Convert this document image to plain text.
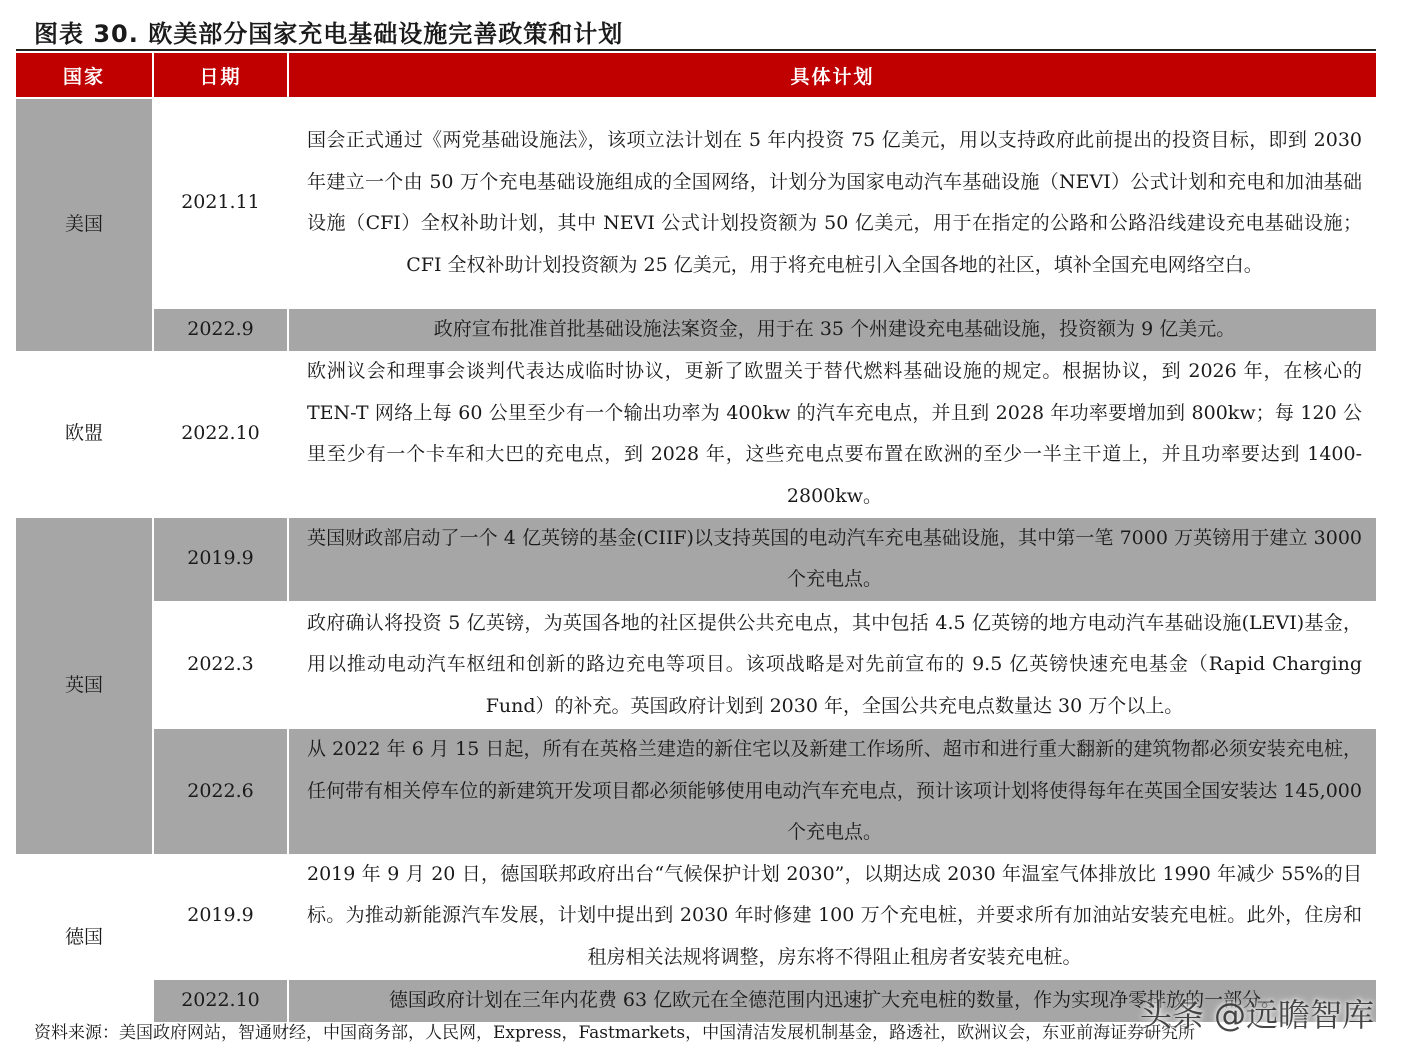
图表 30. 欧美部分国家充电基础设施完善政策和计划
国家	日期	具体计划
美国	2021.11	国会正式通过《两党基础设施法》，该项立法计划在 5 年内投资 75 亿美元，用以支持政府此前提出的投资目标，即到 2030 年建立一个由 50 万个充电基础设施组成的全国网络，计划分为国家电动汽车基础设施（NEVI）公式计划和充电和加油基础设施（CFI）全权补助计划，其中 NEVI 公式计划投资额为 50 亿美元，用于在指定的公路和公路沿线建设充电基础设施；CFI 全权补助计划投资额为 25 亿美元，用于将充电桩引入全国各地的社区，填补全国充电网络空白。
	2022.9	政府宣布批准首批基础设施法案资金，用于在 35 个州建设充电基础设施，投资额为 9 亿美元。
欧盟	2022.10	欧洲议会和理事会谈判代表达成临时协议，更新了欧盟关于替代燃料基础设施的规定。根据协议，到 2026 年，在核心的 TEN-T 网络上每 60 公里至少有一个输出功率为 400kw 的汽车充电点，并且到 2028 年功率要增加到 800kw；每 120 公里至少有一个卡车和大巴的充电点，到 2028 年，这些充电点要布置在欧洲的至少一半主干道上，并且功率要达到 1400-2800kw。
英国	2019.9	英国财政部启动了一个 4 亿英镑的基金(CIIF)以支持英国的电动汽车充电基础设施，其中第一笔 7000 万英镑用于建立 3000 个充电点。
	2022.3	政府确认将投资 5 亿英镑，为英国各地的社区提供公共充电点，其中包括 4.5 亿英镑的地方电动汽车基础设施(LEVI)基金，用以推动电动汽车枢纽和创新的路边充电等项目。该项战略是对先前宣布的 9.5 亿英镑快速充电基金（Rapid Charging Fund）的补充。英国政府计划到 2030 年，全国公共充电点数量达 30 万个以上。
	2022.6	从 2022 年 6 月 15 日起，所有在英格兰建造的新住宅以及新建工作场所、超市和进行重大翻新的建筑物都必须安装充电桩，任何带有相关停车位的新建筑开发项目都必须能够使用电动汽车充电点，预计该项计划将使得每年在英国全国安装达 145,000 个充电点。
德国	2019.9	2019 年 9 月 20 日，德国联邦政府出台“气候保护计划 2030”，以期达成 2030 年温室气体排放比 1990 年减少 55%的目标。为推动新能源汽车发展，计划中提出到 2030 年时修建 100 万个充电桩，并要求所有加油站安装充电桩。此外，住房和租房相关法规将调整，房东将不得阻止租房者安装充电桩。
	2022.10	德国政府计划在三年内花费 63 亿欧元在全德范围内迅速扩大充电桩的数量，作为实现净零排放的一部分。
资料来源：美国政府网站，智通财经，中国商务部，人民网，Express，Fastmarkets，中国清洁发展机制基金，路透社，欧洲议会，东亚前海证券研究所
头条 @远瞻智库
